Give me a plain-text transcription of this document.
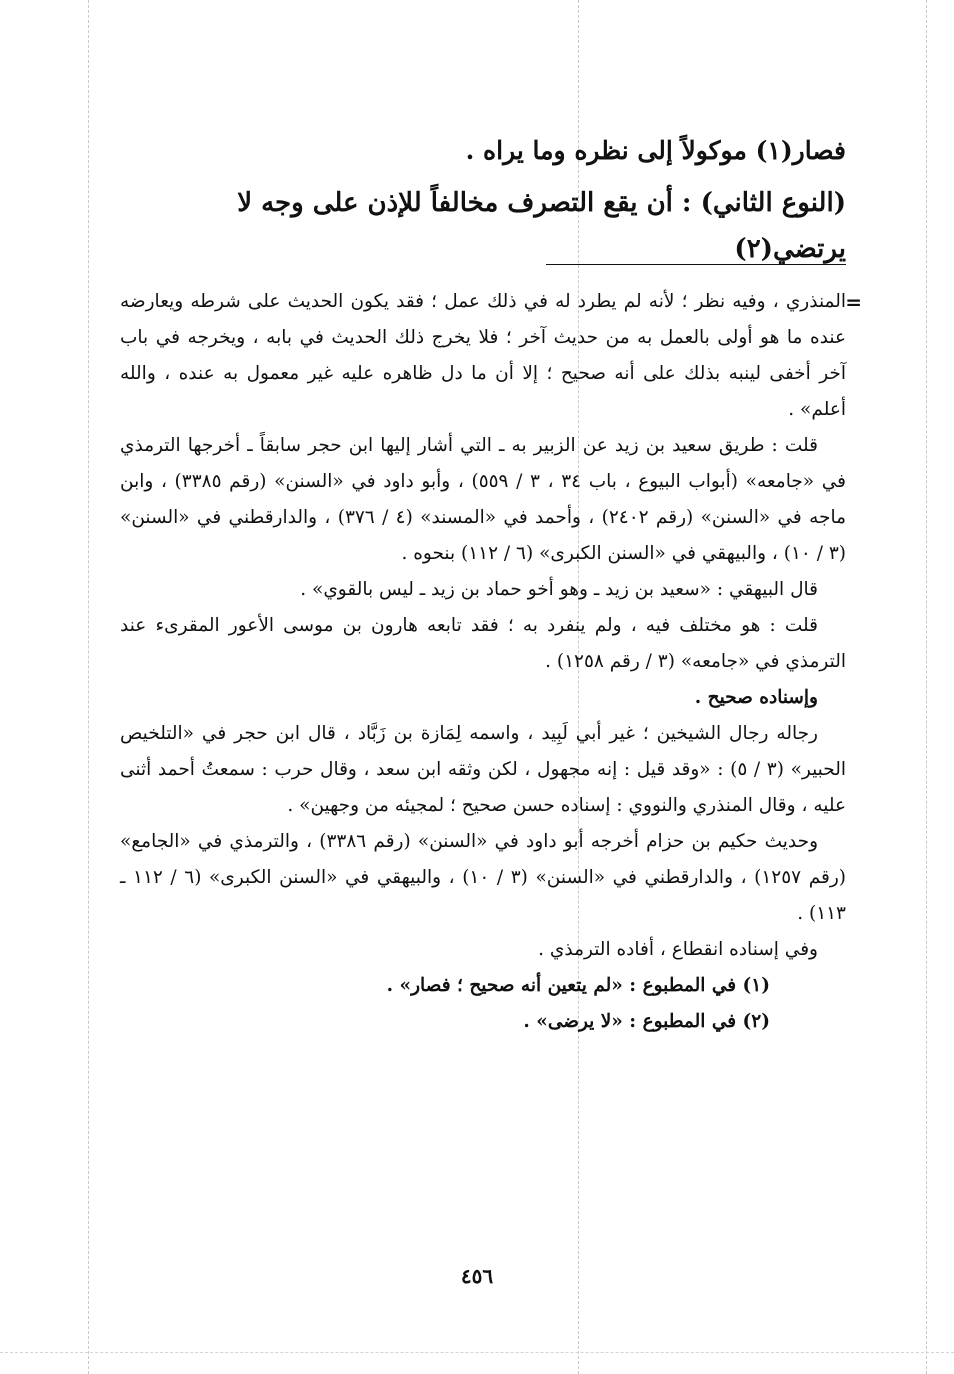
فصار(١) موكولاً إلى نظره وما يراه .

(النوع الثاني) : أن يقع التصرف مخالفاً للإذن على وجه لا يرتضي(٢)

=

المنذري ، وفيه نظر ؛ لأنه لم يطرد له في ذلك عمل ؛ فقد يكون الحديث على شرطه ويعارضه عنده ما هو أولى بالعمل به من حديث آخر ؛ فلا يخرج ذلك الحديث في بابه ، ويخرجه في باب آخر أخفى لينبه بذلك على أنه صحيح ؛ إلا أن ما دل ظاهره عليه غير معمول به عنده ، والله أعلم» .

قلت : طريق سعيد بن زيد عن الزبير به ـ التي أشار إليها ابن حجر سابقاً ـ أخرجها الترمذي في «جامعه» (أبواب البيوع ، باب ٣٤ ، ٣ / ٥٥٩) ، وأبو داود في «السنن» (رقم ٣٣٨٥) ، وابن ماجه في «السنن» (رقم ٢٤٠٢) ، وأحمد في «المسند» (٤ / ٣٧٦) ، والدارقطني في «السنن» (٣ / ١٠) ، والبيهقي في «السنن الكبرى» (٦ / ١١٢) بنحوه .

قال البيهقي : «سعيد بن زيد ـ وهو أخو حماد بن زيد ـ ليس بالقوي» .

قلت : هو مختلف فيه ، ولم ينفرد به ؛ فقد تابعه هارون بن موسى الأعور المقرىء عند الترمذي في «جامعه» (٣ / رقم ١٢٥٨) .

وإسناده صحيح .

رجاله رجال الشيخين ؛ غير أبي لَبِيد ، واسمه لِمَازة بن زَبَّاد ، قال ابن حجر في «التلخيص الحبير» (٣ / ٥) : «وقد قيل : إنه مجهول ، لكن وثقه ابن سعد ، وقال حرب : سمعتُ أحمد أثنى عليه ، وقال المنذري والنووي : إسناده حسن صحيح ؛ لمجيئه من وجهين» .

وحديث حكيم بن حزام أخرجه أبو داود في «السنن» (رقم ٣٣٨٦) ، والترمذي في «الجامع» (رقم ١٢٥٧) ، والدارقطني في «السنن» (٣ / ١٠) ، والبيهقي في «السنن الكبرى» (٦ / ١١٢ ـ ١١٣) .

وفي إسناده انقطاع ، أفاده الترمذي .

(١) في المطبوع : «لم يتعين أنه صحيح ؛ فصار» .

(٢) في المطبوع : «لا يرضى» .

٤٥٦
